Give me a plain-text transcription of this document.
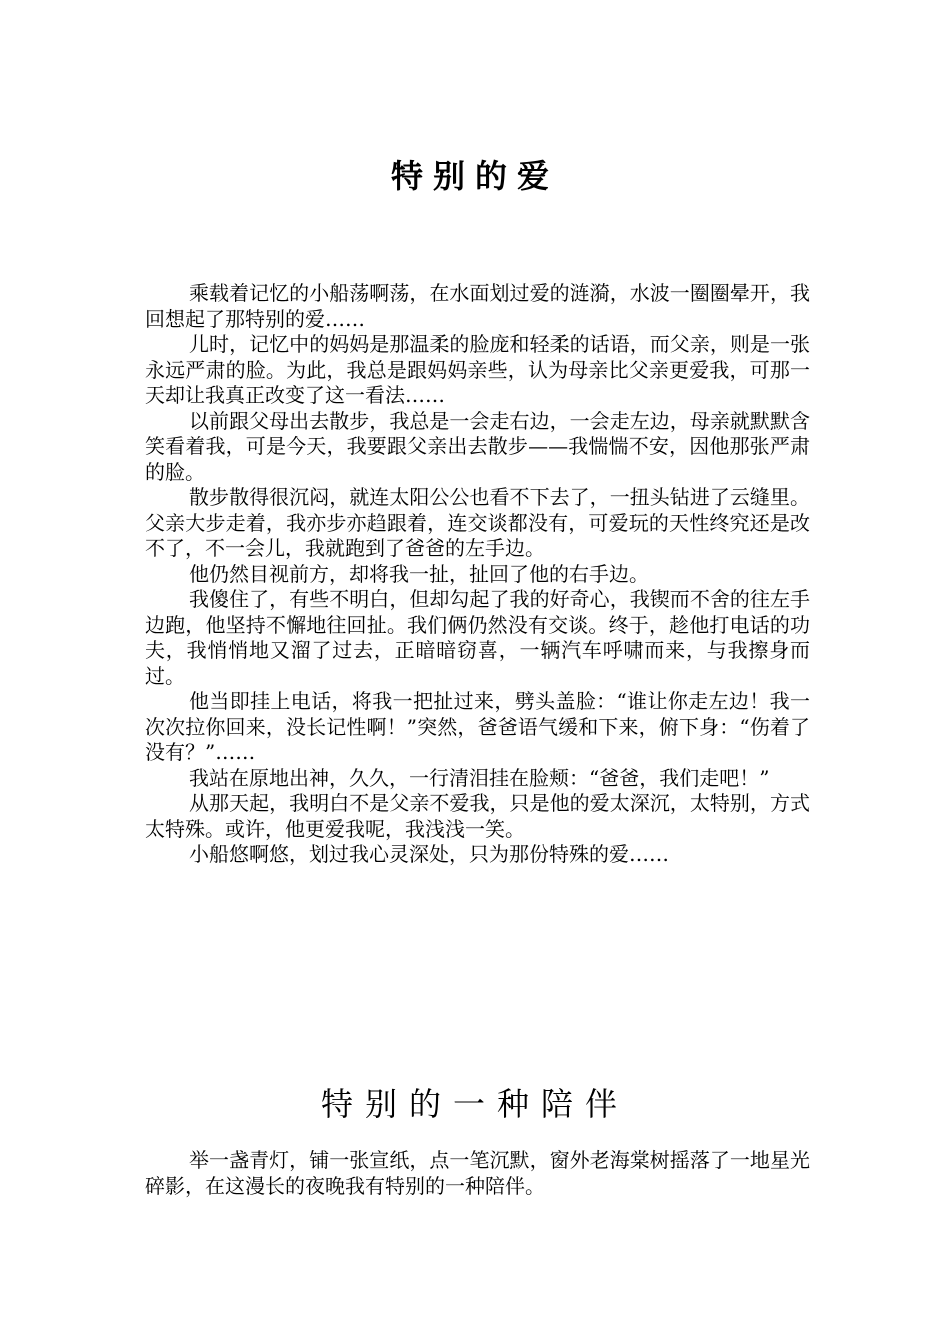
特别的爱

乘载着记忆的小船荡啊荡，在水面划过爱的涟漪，水波一圈圈晕开，我回想起了那特别的爱……

儿时，记忆中的妈妈是那温柔的脸庞和轻柔的话语，而父亲，则是一张永远严肃的脸。为此，我总是跟妈妈亲些，认为母亲比父亲更爱我，可那一天却让我真正改变了这一看法……

以前跟父母出去散步，我总是一会走右边，一会走左边，母亲就默默含笑看着我，可是今天，我要跟父亲出去散步——我惴惴不安，因他那张严肃的脸。

散步散得很沉闷，就连太阳公公也看不下去了，一扭头钻进了云缝里。父亲大步走着，我亦步亦趋跟着，连交谈都没有，可爱玩的天性终究还是改不了，不一会儿，我就跑到了爸爸的左手边。

他仍然目视前方，却将我一扯，扯回了他的右手边。

我傻住了，有些不明白，但却勾起了我的好奇心，我锲而不舍的往左手边跑，他坚持不懈地往回扯。我们俩仍然没有交谈。终于，趁他打电话的功夫，我悄悄地又溜了过去，正暗暗窃喜，一辆汽车呼啸而来，与我擦身而过。

他当即挂上电话，将我一把扯过来，劈头盖脸：“谁让你走左边！我一次次拉你回来，没长记性啊！”突然，爸爸语气缓和下来，俯下身：“伤着了没有？”……

我站在原地出神，久久，一行清泪挂在脸颊：“爸爸，我们走吧！”

从那天起，我明白不是父亲不爱我，只是他的爱太深沉，太特别，方式太特殊。或许，他更爱我呢，我浅浅一笑。

小船悠啊悠，划过我心灵深处，只为那份特殊的爱……

特别的一种陪伴

举一盏青灯，铺一张宣纸，点一笔沉默，窗外老海棠树摇落了一地星光碎影，在这漫长的夜晚我有特别的一种陪伴。
